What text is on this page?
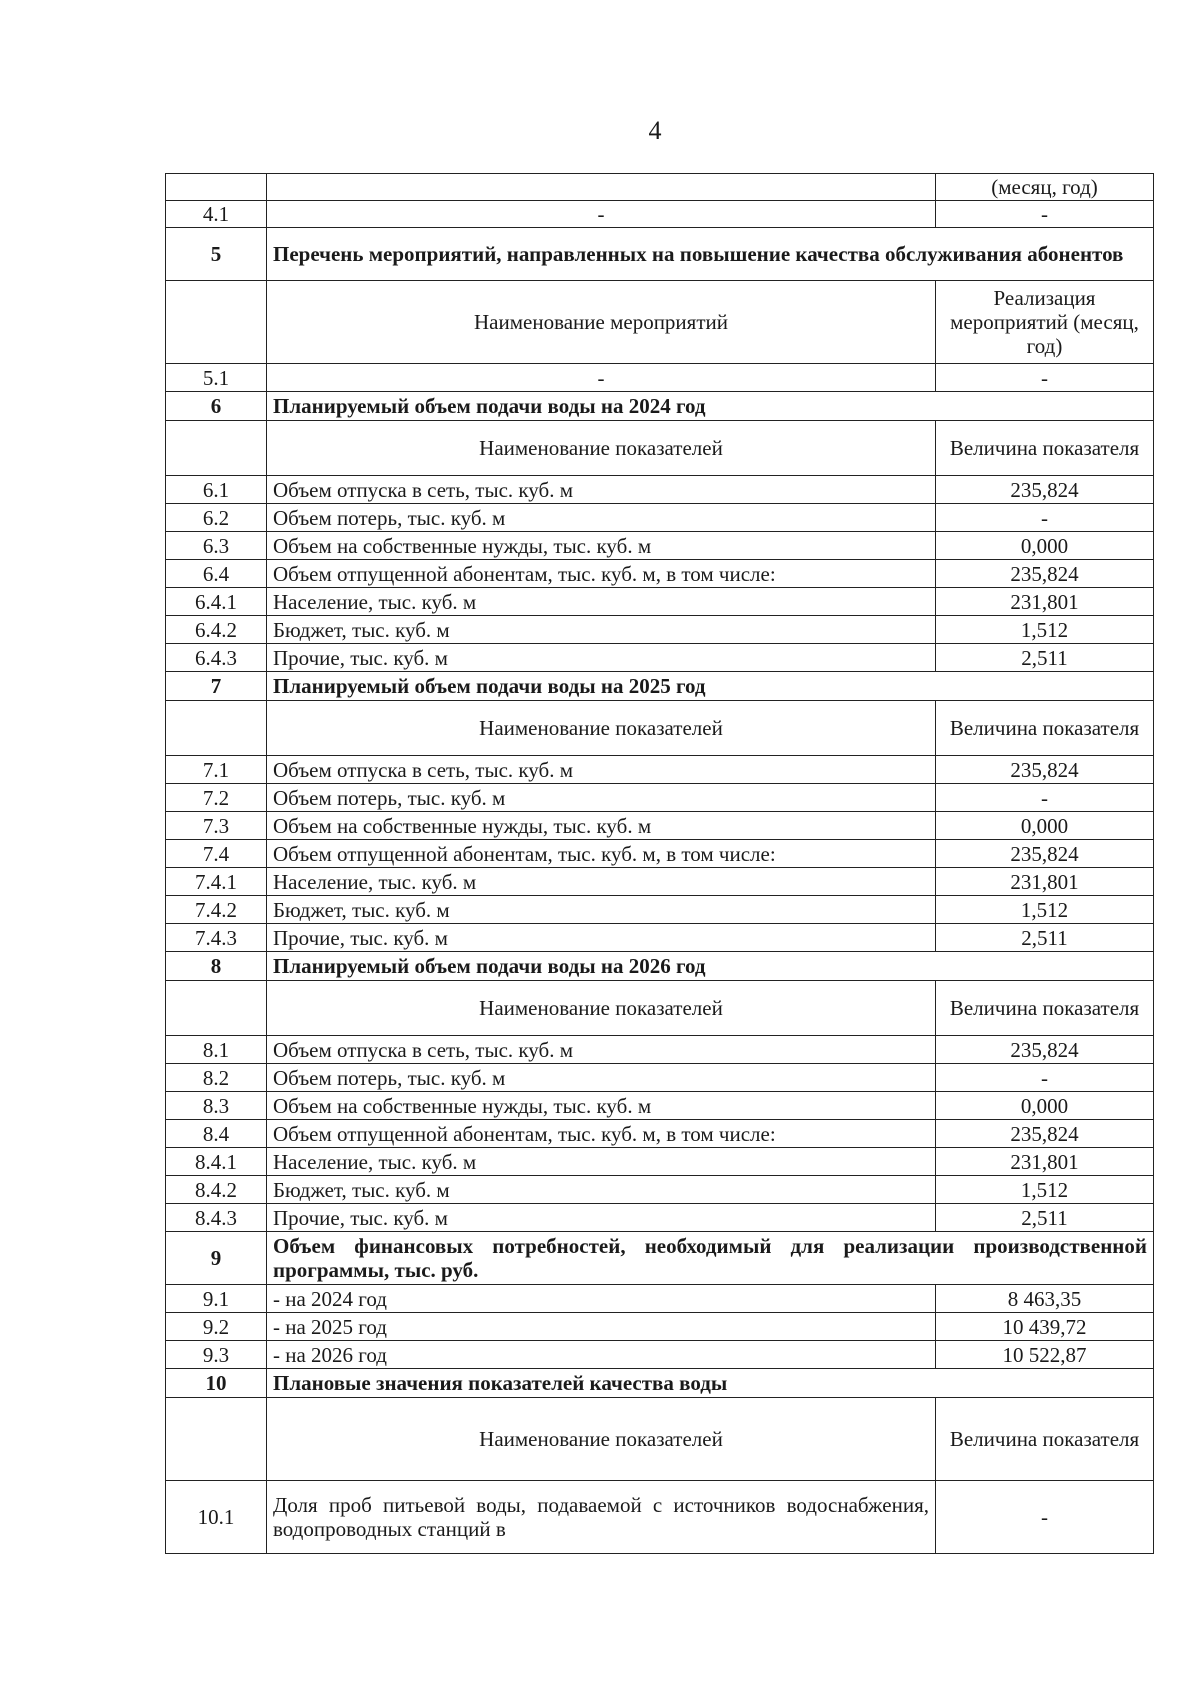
4
		(месяц, год)
4.1	-	-
5	Перечень мероприятий, направленных на повышение качества обслуживания абонентов	
	Наименование мероприятий	Реализация мероприятий (месяц, год)
5.1	-	-
6	Планируемый объем подачи воды на 2024 год	
	Наименование показателей	Величина показателя
6.1	Объем отпуска в сеть, тыс. куб. м	235,824
6.2	Объем потерь, тыс. куб. м	-
6.3	Объем на собственные нужды, тыс. куб. м	0,000
6.4	Объем отпущенной абонентам, тыс. куб. м, в том числе:	235,824
6.4.1	Население, тыс. куб. м	231,801
6.4.2	Бюджет, тыс. куб. м	1,512
6.4.3	Прочие, тыс. куб. м	2,511
7	Планируемый объем подачи воды на 2025 год	
	Наименование показателей	Величина показателя
7.1	Объем отпуска в сеть, тыс. куб. м	235,824
7.2	Объем потерь, тыс. куб. м	-
7.3	Объем на собственные нужды, тыс. куб. м	0,000
7.4	Объем отпущенной абонентам, тыс. куб. м, в том числе:	235,824
7.4.1	Население, тыс. куб. м	231,801
7.4.2	Бюджет, тыс. куб. м	1,512
7.4.3	Прочие, тыс. куб. м	2,511
8	Планируемый объем подачи воды на 2026 год	
	Наименование показателей	Величина показателя
8.1	Объем отпуска в сеть, тыс. куб. м	235,824
8.2	Объем потерь, тыс. куб. м	-
8.3	Объем на собственные нужды, тыс. куб. м	0,000
8.4	Объем отпущенной абонентам, тыс. куб. м, в том числе:	235,824
8.4.1	Население, тыс. куб. м	231,801
8.4.2	Бюджет, тыс. куб. м	1,512
8.4.3	Прочие, тыс. куб. м	2,511
9	Объем финансовых потребностей, необходимый для реализации производственной программы, тыс. руб.	
9.1	- на 2024 год	8 463,35
9.2	- на 2025 год	10 439,72
9.3	- на 2026 год	10 522,87
10	Плановые значения показателей качества воды	
	Наименование показателей	Величина показателя
10.1	Доля проб питьевой воды, подаваемой с источников водоснабжения, водопроводных станций в	-
